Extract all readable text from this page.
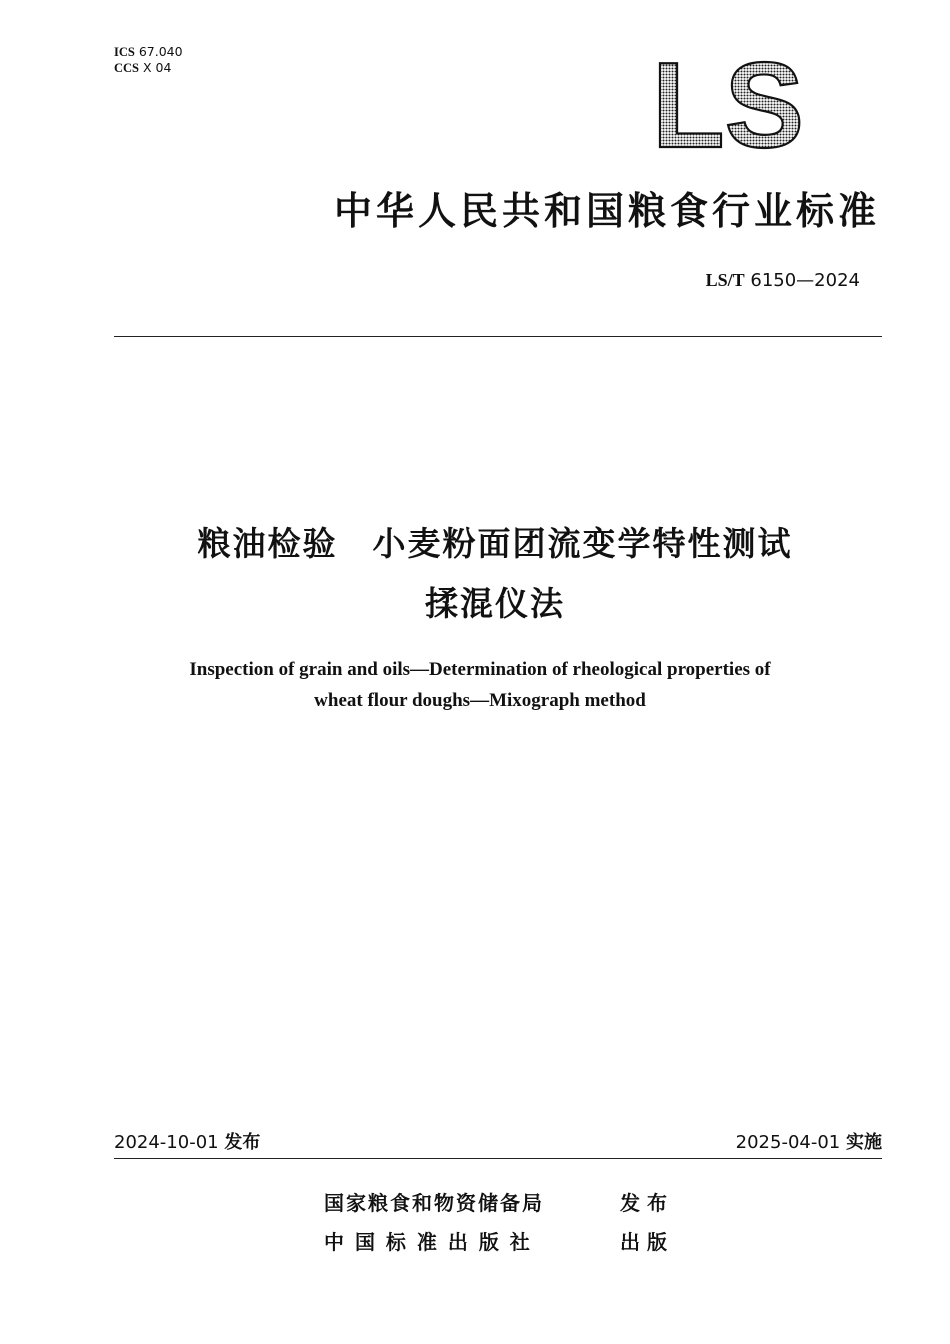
ICS 67.040
CCS X 04	LS
中华人民共和国粮食行业标准
LS/T 6150—2024
粮油检验　小麦粉面团流变学特性测试
揉混仪法
Inspection of grain and oils—Determination of rheological properties of
wheat flour doughs—Mixograph method
2024-10-01 发布	2025-04-01 实施
国家粮食和物资储备局	发 布
中 国 标 准 出 版 社	出 版
